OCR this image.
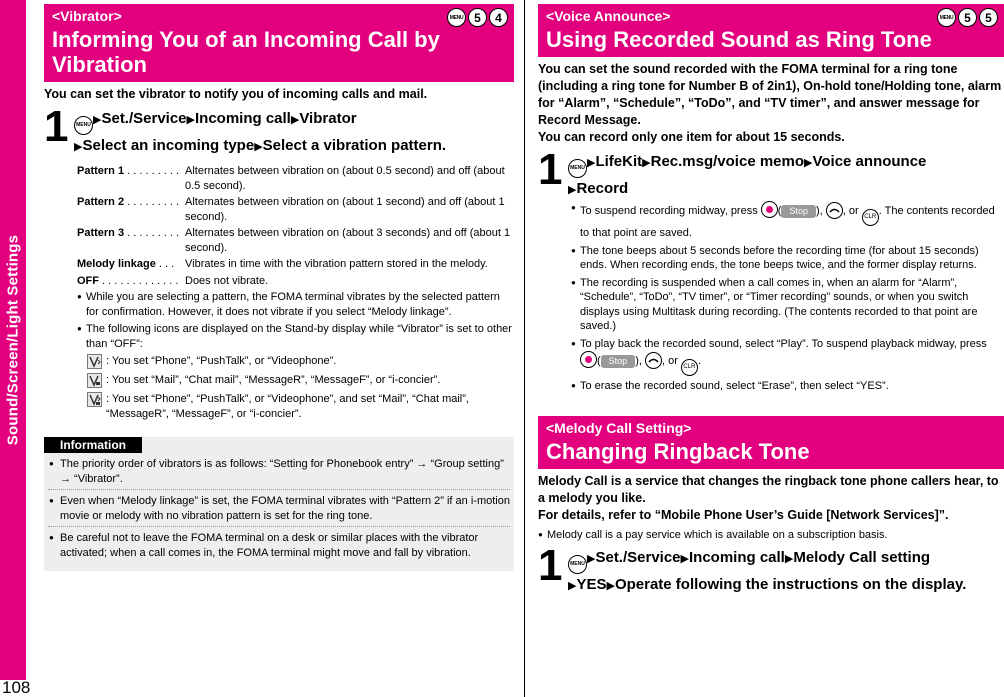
Sound/Screen/Light Settings
108
<Vibrator>
Informing You of an Incoming Call by Vibration
MENU 5	4
You can set the vibrator to notify you of incoming calls and mail.
1	MENU ▶Set./Service▶Incoming call▶Vibrator
▶Select an incoming type▶Select a vibration pattern.
Pattern 1 . . . . . . . . . Alternates between vibration on (about 0.5 second) and off (about 0.5 second).
Pattern 2 . . . . . . . . . Alternates between vibration on (about 1 second) and off (about 1 second).
Pattern 3 . . . . . . . . . Alternates between vibration on (about 3 seconds) and off (about 1 second).
Melody linkage . . . Vibrates in time with the vibration pattern stored in the melody.
OFF . . . . . . . . . . . . . Does not vibrate.
● While you are selecting a pattern, the FOMA terminal vibrates by the selected pattern for confirmation. However, it does not vibrate if you select “Melody linkage”.
● The following icons are displayed on the Stand-by display while “Vibrator” is set to other than “OFF”:
: You set “Phone”, “PushTalk”, or “Videophone”.
: You set “Mail”, “Chat mail”, “MessageR”, “MessageF”, or “i-concier”.
: You set “Phone”, “PushTalk”, or “Videophone”, and set “Mail”, “Chat mail”, “MessageR”, “MessageF”, or “i-concier”.
Information
● The priority order of vibrators is as follows: “Setting for Phonebook entry” → “Group setting” → “Vibrator”.
● Even when “Melody linkage” is set, the FOMA terminal vibrates with “Pattern 2” if an i-motion movie or melody with no vibration pattern is set for the ring tone.
● Be careful not to leave the FOMA terminal on a desk or similar places with the vibrator activated; when a call comes in, the FOMA terminal might move and fall by vibration.
<Voice Announce>
Using Recorded Sound as Ring Tone
MENU 5	5
You can set the sound recorded with the FOMA terminal for a ring tone (including a ring tone for Number B of 2in1), On-hold tone/Holding tone, alarm for “Alarm”, “Schedule”, “ToDo”, and “TV timer”, and answer message for Record Message.
You can record only one item for about 15 seconds.
1	MENU ▶LifeKit▶Rec.msg/voice memo▶Voice announce
▶Record
● To suspend recording midway, press ( Stop ), , or CLR . The contents recorded to that point are saved.
● The tone beeps about 5 seconds before the recording time (for about 15 seconds) ends. When recording ends, the tone beeps twice, and the former display returns.
● The recording is suspended when a call comes in, when an alarm for “Alarm”, “Schedule”, “ToDo”, “TV timer”, or “Timer recording” sounds, or when you switch displays using Multitask during recording. (The contents recorded to that point are saved.)
● To play back the recorded sound, select “Play”. To suspend playback midway, press ( Stop ), , or CLR .
● To erase the recorded sound, select “Erase”, then select “YES”.
<Melody Call Setting>
Changing Ringback Tone
Melody Call is a service that changes the ringback tone phone callers hear, to a melody you like.
For details, refer to “Mobile Phone User’s Guide [Network Services]”.
● Melody call is a pay service which is available on a subscription basis.
1	MENU ▶Set./Service▶Incoming call▶Melody Call setting
▶YES▶Operate following the instructions on the display.
